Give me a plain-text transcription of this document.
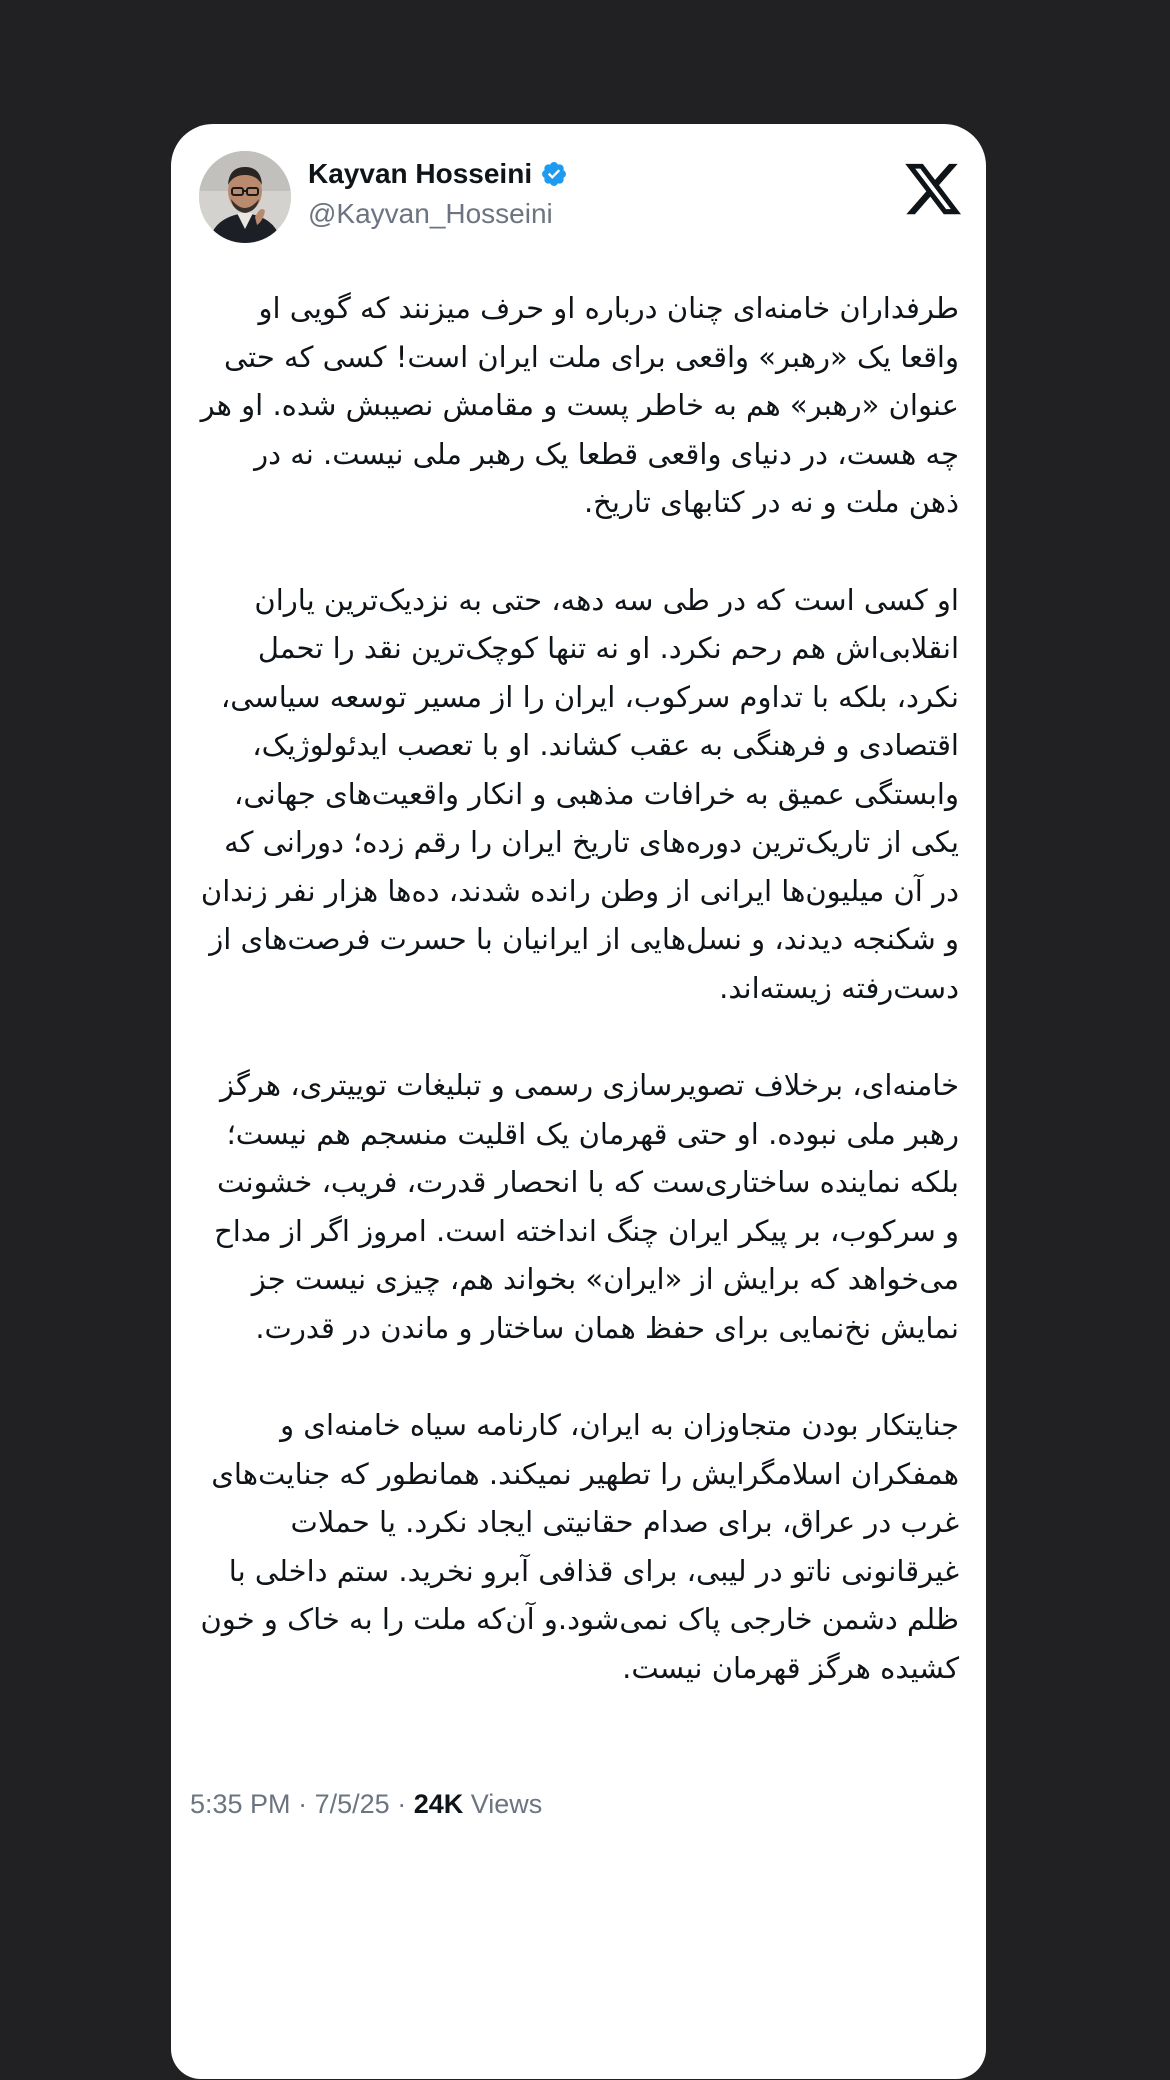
Kayvan Hosseini
@Kayvan_Hosseini

طرفداران خامنه‌ای چنان درباره او حرف میزنند که گویی او واقعا یک «رهبر» واقعی برای ملت ایران است! کسی که حتی عنوان «رهبر» هم به خاطر پست و مقامش نصیبش شده. او هر چه هست، در دنیای واقعی قطعا یک رهبر ملی نیست. نه در ذهن ملت و نه در کتابهای تاریخ.

او کسی است که در طی سه دهه، حتی به نزدیک‌ترین یاران انقلابی‌اش هم رحم نکرد. او نه تنها کوچک‌ترین نقد را تحمل نکرد، بلکه با تداوم سرکوب، ایران را از مسیر توسعه سیاسی، اقتصادی و فرهنگی به عقب کشاند. او با تعصب ایدئولوژیک، وابستگی عمیق به خرافات مذهبی و انکار واقعیت‌های جهانی، یکی از تاریک‌ترین دوره‌های تاریخ ایران را رقم زده؛ دورانی که در آن میلیون‌ها ایرانی از وطن رانده شدند، ده‌ها هزار نفر زندان و شکنجه دیدند، و نسل‌هایی از ایرانیان با حسرت فرصت‌های از دست‌رفته زیسته‌اند.

خامنه‌ای، برخلاف تصویرسازی رسمی و تبلیغات توییتری، هرگز رهبر ملی نبوده. او حتی قهرمان یک اقلیت منسجم هم نیست؛ بلکه نماینده ساختاری‌ست که با انحصار قدرت، فریب، خشونت و سرکوب، بر پیکر ایران چنگ انداخته است. امروز اگر از مداح می‌خواهد که برایش از «ایران» بخواند هم، چیزی نیست جز نمایش نخ‌نمایی برای حفظ همان ساختار و ماندن در قدرت.

جنایتکار بودن متجاوزان به ایران، کارنامه سیاه خامنه‌ای و همفکران اسلامگرایش را تطهیر نمیکند. همانطور که جنایت‌های غرب در عراق، برای صدام حقانیتی ایجاد نکرد. یا حملات غیرقانونی ناتو در لیبی، برای قذافی آبرو نخرید. ستم داخلی با ظلم دشمن خارجی پاک نمی‌شود.و آن‌که ملت را به خاک و خون کشیده هرگز قهرمان نیست.

5:35 PM · 7/5/25 · 24K Views
